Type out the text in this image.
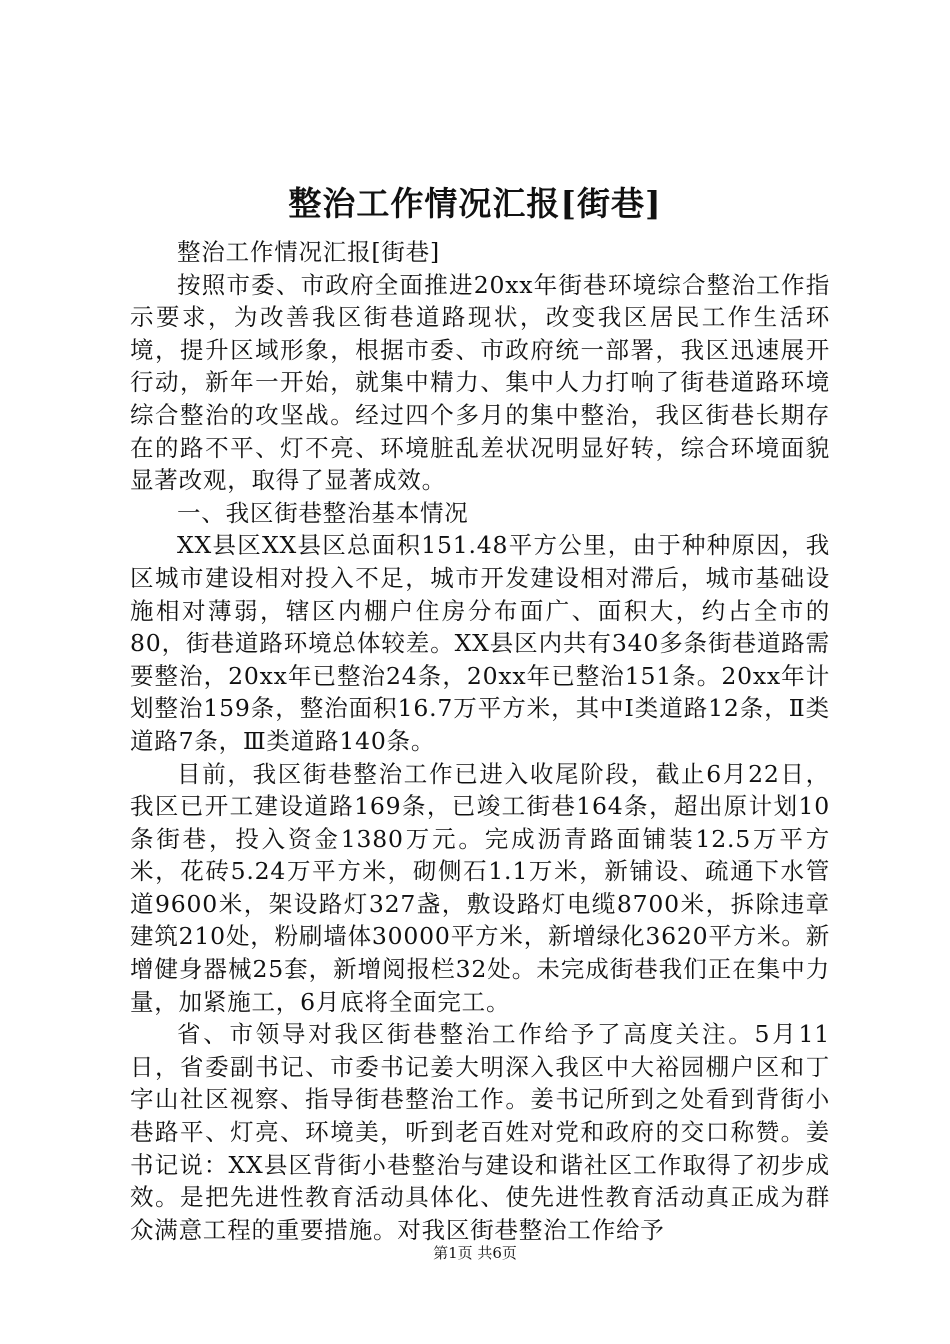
整治工作情况汇报[街巷]

整治工作情况汇报[街巷]

按照市委、市政府全面推进20xx年街巷环境综合整治工作指示要求，为改善我区街巷道路现状，改变我区居民工作生活环境，提升区域形象，根据市委、市政府统一部署，我区迅速展开行动，新年一开始，就集中精力、集中人力打响了街巷道路环境综合整治的攻坚战。经过四个多月的集中整治，我区街巷长期存在的路不平、灯不亮、环境脏乱差状况明显好转，综合环境面貌显著改观，取得了显著成效。

一、我区街巷整治基本情况

XX县区XX县区总面积151.48平方公里，由于种种原因，我区城市建设相对投入不足，城市开发建设相对滞后，城市基础设施相对薄弱，辖区内棚户住房分布面广、面积大，约占全市的80，街巷道路环境总体较差。XX县区内共有340多条街巷道路需要整治，20xx年已整治24条，20xx年已整治151条。20xx年计划整治159条，整治面积16.7万平方米，其中Ⅰ类道路12条，Ⅱ类道路7条，Ⅲ类道路140条。

目前，我区街巷整治工作已进入收尾阶段，截止6月22日，我区已开工建设道路169条，已竣工街巷164条，超出原计划10条街巷，投入资金1380万元。完成沥青路面铺装12.5万平方米，花砖5.24万平方米，砌侧石1.1万米，新铺设、疏通下水管道9600米，架设路灯327盏，敷设路灯电缆8700米，拆除违章建筑210处，粉刷墙体30000平方米，新增绿化3620平方米。新增健身器械25套，新增阅报栏32处。未完成街巷我们正在集中力量，加紧施工，6月底将全面完工。

省、市领导对我区街巷整治工作给予了高度关注。5月11日，省委副书记、市委书记姜大明深入我区中大裕园棚户区和丁字山社区视察、指导街巷整治工作。姜书记所到之处看到背街小巷路平、灯亮、环境美，听到老百姓对党和政府的交口称赞。姜书记说：XX县区背街小巷整治与建设和谐社区工作取得了初步成效。是把先进性教育活动具体化、使先进性教育活动真正成为群众满意工程的重要措施。对我区街巷整治工作给予

第1页 共6页
